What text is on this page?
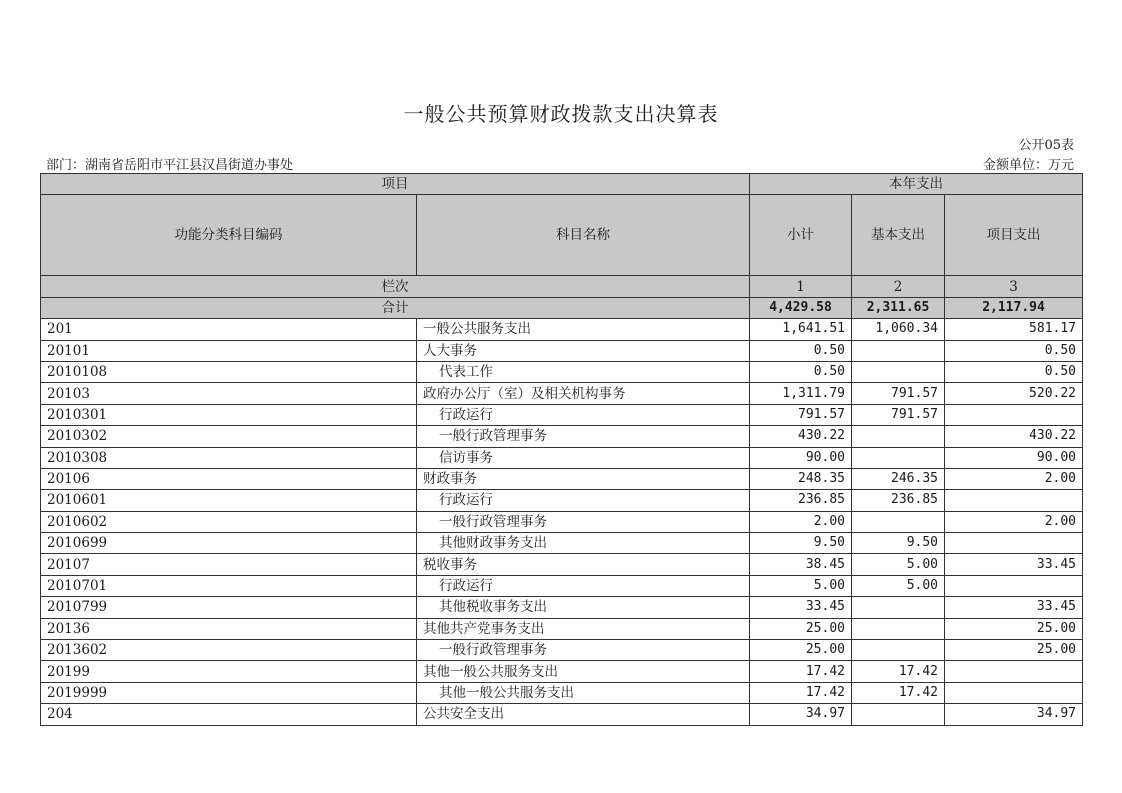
一般公共预算财政拨款支出决算表
公开05表
部门：湖南省岳阳市平江县汉昌街道办事处	金额单位：万元
项目		本年支出		
功能分类科目编码	科目名称	小计	基本支出	项目支出
栏次		1	2	3
合计		4,429.58	2,311.65	2,117.94
201	一般公共服务支出	1,641.51	1,060.34	581.17
20101	人大事务	0.50		0.50
2010108	代表工作	0.50		0.50
20103	政府办公厅（室）及相关机构事务	1,311.79	791.57	520.22
2010301	行政运行	791.57	791.57	
2010302	一般行政管理事务	430.22		430.22
2010308	信访事务	90.00		90.00
20106	财政事务	248.35	246.35	2.00
2010601	行政运行	236.85	236.85	
2010602	一般行政管理事务	2.00		2.00
2010699	其他财政事务支出	9.50	9.50	
20107	税收事务	38.45	5.00	33.45
2010701	行政运行	5.00	5.00	
2010799	其他税收事务支出	33.45		33.45
20136	其他共产党事务支出	25.00		25.00
2013602	一般行政管理事务	25.00		25.00
20199	其他一般公共服务支出	17.42	17.42	
2019999	其他一般公共服务支出	17.42	17.42	
204	公共安全支出	34.97		34.97
